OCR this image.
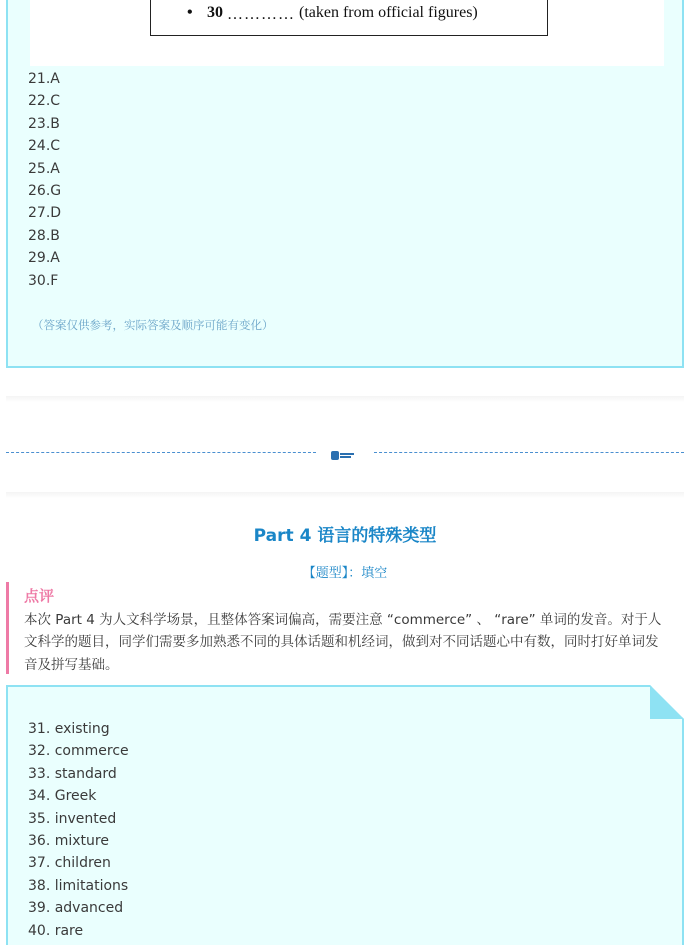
• 30 ………… (taken from official figures)
21.A
22.C
23.B
24.C
25.A
26.G
27.D
28.B
29.A
30.F
（答案仅供参考，实际答案及顺序可能有变化）
Part 4 语言的特殊类型
【题型】：填空
点评
本次 Part 4 为人文科学场景，且整体答案词偏高，需要注意 “commerce” 、 “rare” 单词的发音。对于人文科学的题目，同学们需要多加熟悉不同的具体话题和机经词，做到对不同话题心中有数，同时打好单词发音及拼写基础。
31. existing
32. commerce
33. standard
34. Greek
35. invented
36. mixture
37. children
38. limitations
39. advanced
40. rare
